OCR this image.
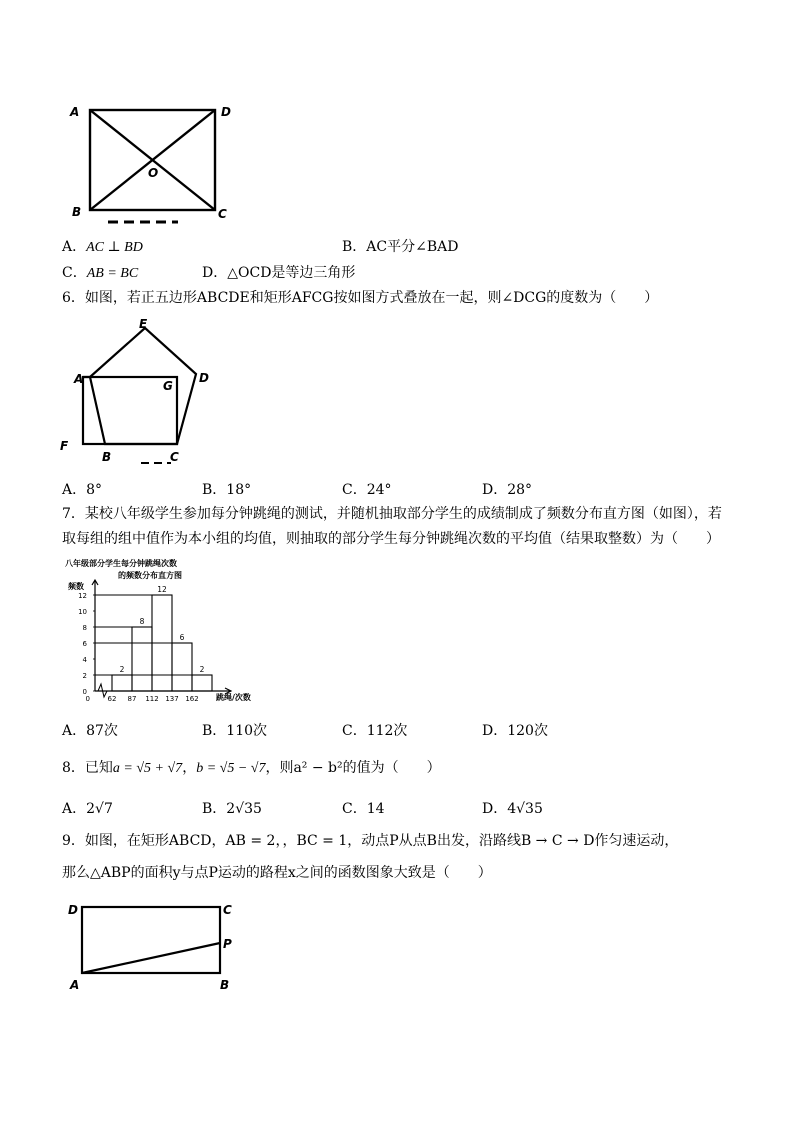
A	D
B	C
O
A．AC ⊥ BD	B．AC平分∠BAD
C．AB = BC	D．△OCD是等边三角形
6．如图，若正五边形ABCDE和矩形AFCG按如图方式叠放在一起，则∠DCG的度数为（　　）
E
A	G
D
F
B	C
A．8°	B．18°	C．24°	D．28°
7．某校八年级学生参加每分钟跳绳的测试，并随机抽取部分学生的成绩制成了频数分布直方图（如图），若
取每组的组中值作为本小组的均值，则抽取的部分学生每分钟跳绳次数的平均值（结果取整数）为（　　）
八年级部分学生每分钟跳绳次数
的频数分布直方图
频数
跳绳/次数
0
2
4
6
8
10
12
0	62 87 112 137 162
2
8
12
6
2
A．87次	B．110次	C．112次	D．120次
8．已知a = √5 + √7，b = √5 − √7，则a² − b²的值为（　　）
A．2√7	B．2√35	C．14	D．4√35
9．如图，在矩形ABCD，AB = 2，，BC = 1，动点P从点B出发，沿路线B → C → D作匀速运动，
那么△ABP的面积y与点P运动的路程x之间的函数图象大致是（　　）
D	C
P
A	B
